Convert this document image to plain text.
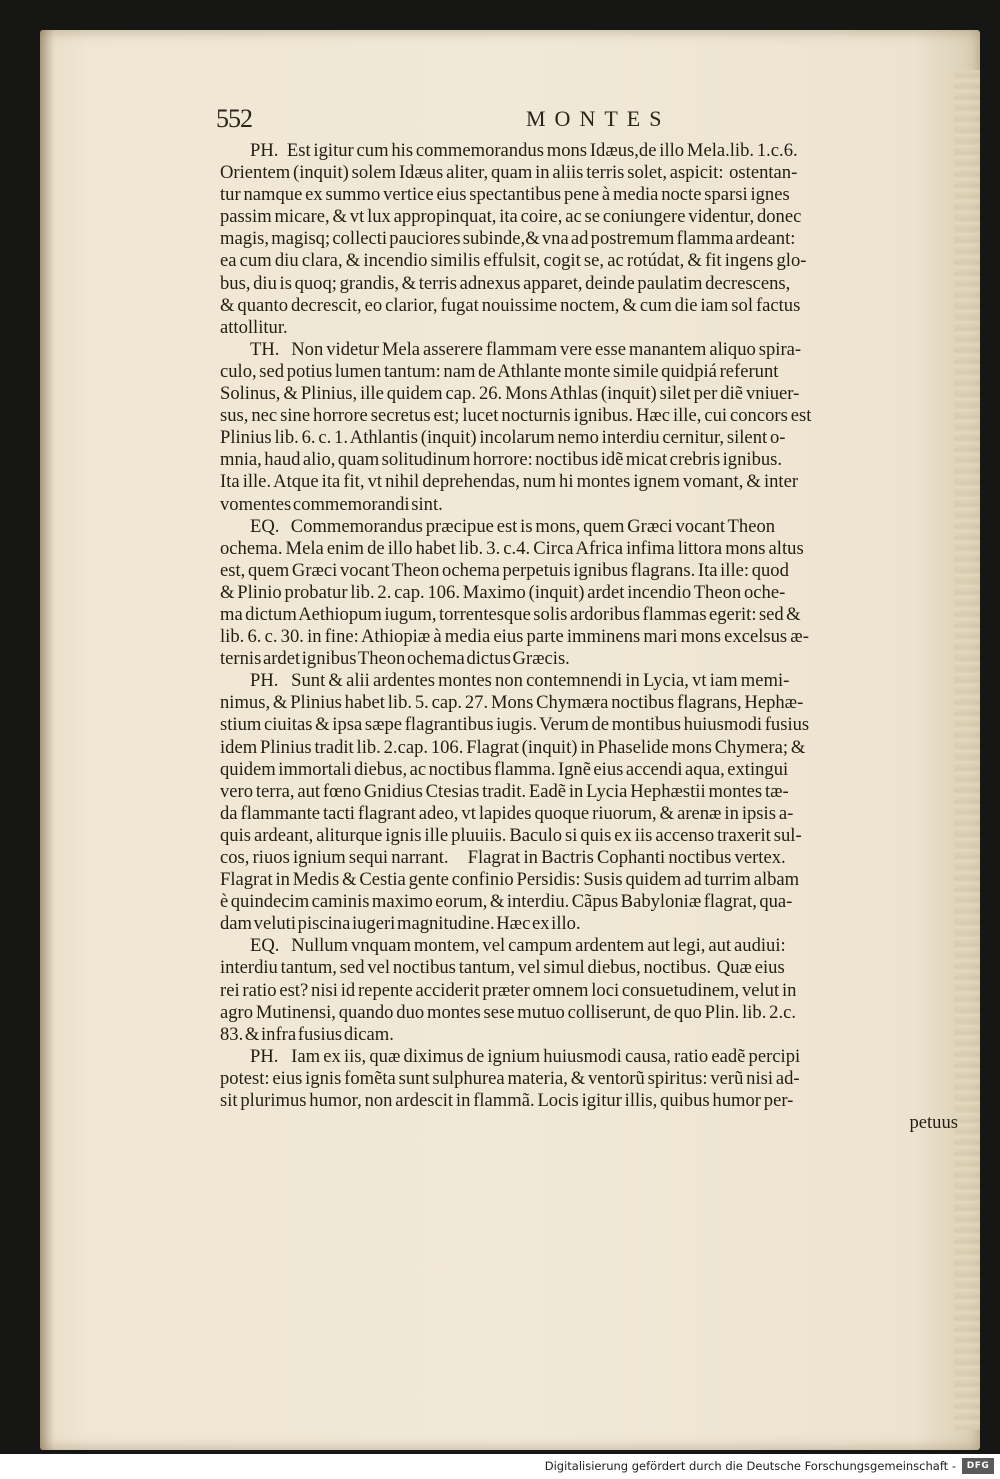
552	MONTES
PH.   Est igitur cum his commemorandus mons Idæus,de illo Mela.lib. 1.c.6.
Orientem (inquit) solem Idæus aliter, quam in aliis terris solet, aspicit:  ostentan-
tur namque ex summo vertice eius spectantibus pene à media nocte sparsi ignes
passim micare, & vt lux appropinquat, ita coire, ac se coniungere videntur, donec
magis, magisq; collecti pauciores subinde,& vna ad postremum flamma ardeant:
ea cum diu clara, & incendio similis effulsit, cogit se, ac rotúdat, & fit ingens glo-
bus, diu is quoq; grandis, & terris adnexus apparet, deinde paulatim decrescens,
& quanto decrescit, eo clarior, fugat nouissime noctem, & cum die iam sol factus
attollitur.
TH.    Non videtur Mela asserere flammam vere esse manantem aliquo spira-
culo, sed potius lumen tantum: nam de Athlante monte simile quidpiá referunt
Solinus, & Plinius, ille quidem cap. 26. Mons Athlas (inquit) silet per diẽ vniuer-
sus, nec sine horrore secretus est; lucet nocturnis ignibus. Hæc ille, cui concors est
Plinius lib. 6. c. 1. Athlantis (inquit) incolarum nemo interdiu cernitur, silent o-
mnia, haud alio, quam solitudinum horrore: noctibus idẽ micat crebris ignibus.
Ita ille. Atque ita fit, vt nihil deprehendas, num hi montes ignem vomant, & inter
vomentes commemorandi sint.
EQ.    Commemorandus præcipue est is mons, quem Græci vocant Theon
ochema. Mela enim de illo habet lib. 3. c.4. Circa Africa infima littora mons altus
est, quem Græci vocant Theon ochema perpetuis ignibus flagrans. Ita ille: quod
& Plinio probatur lib. 2. cap. 106. Maximo (inquit) ardet incendio Theon oche-
ma dictum Aethiopum iugum, torrentesque solis ardoribus flammas egerit: sed &
lib. 6. c. 30. in fine: Athiopiæ à media eius parte imminens mari mons excelsus æ-
ternis ardet ignibus Theon ochema dictus Græcis.
PH.    Sunt & alii ardentes montes non contemnendi in Lycia, vt iam memi-
nimus, & Plinius habet lib. 5. cap. 27. Mons Chymæra noctibus flagrans, Hephæ-
stium ciuitas & ipsa sæpe flagrantibus iugis. Verum de montibus huiusmodi fusius
idem Plinius tradit lib. 2.cap. 106. Flagrat (inquit) in Phaselide mons Chymera; &
quidem immortali diebus, ac noctibus flamma. Ignẽ eius accendi aqua, extingui
vero terra, aut fœno Gnidius Ctesias tradit. Eadẽ in Lycia Hephæstii montes tæ-
da flammante tacti flagrant adeo, vt lapides quoque riuorum, & arenæ in ipsis a-
quis ardeant, aliturque ignis ille pluuiis. Baculo si quis ex iis accenso traxerit sul-
cos, riuos ignium sequi narrant.      Flagrat in Bactris Cophanti noctibus vertex.
Flagrat in Medis & Cestia gente confinio Persidis: Susis quidem ad turrim albam
è quindecim caminis maximo eorum, & interdiu. Cãpus Babyloniæ flagrat, qua-
dam veluti piscina iugeri magnitudine. Hæc ex illo.
EQ.    Nullum vnquam montem, vel campum ardentem aut legi, aut audiui:
interdiu tantum, sed vel noctibus tantum, vel simul diebus, noctibus.  Quæ eius
rei ratio est? nisi id repente acciderit præter omnem loci consuetudinem, velut in
agro Mutinensi, quando duo montes sese mutuo colliserunt, de quo Plin. lib. 2.c.
83. & infra fusius dicam.
PH.    Iam ex iis, quæ diximus de ignium huiusmodi causa, ratio eadẽ percipi
potest: eius ignis fomẽta sunt sulphurea materia, & ventorũ spiritus: verũ nisi ad-
sit plurimus humor, non ardescit in flammã. Locis igitur illis, quibus humor per-
petuus
Digitalisierung gefördert durch die Deutsche Forschungsgemeinschaft -	DFG
